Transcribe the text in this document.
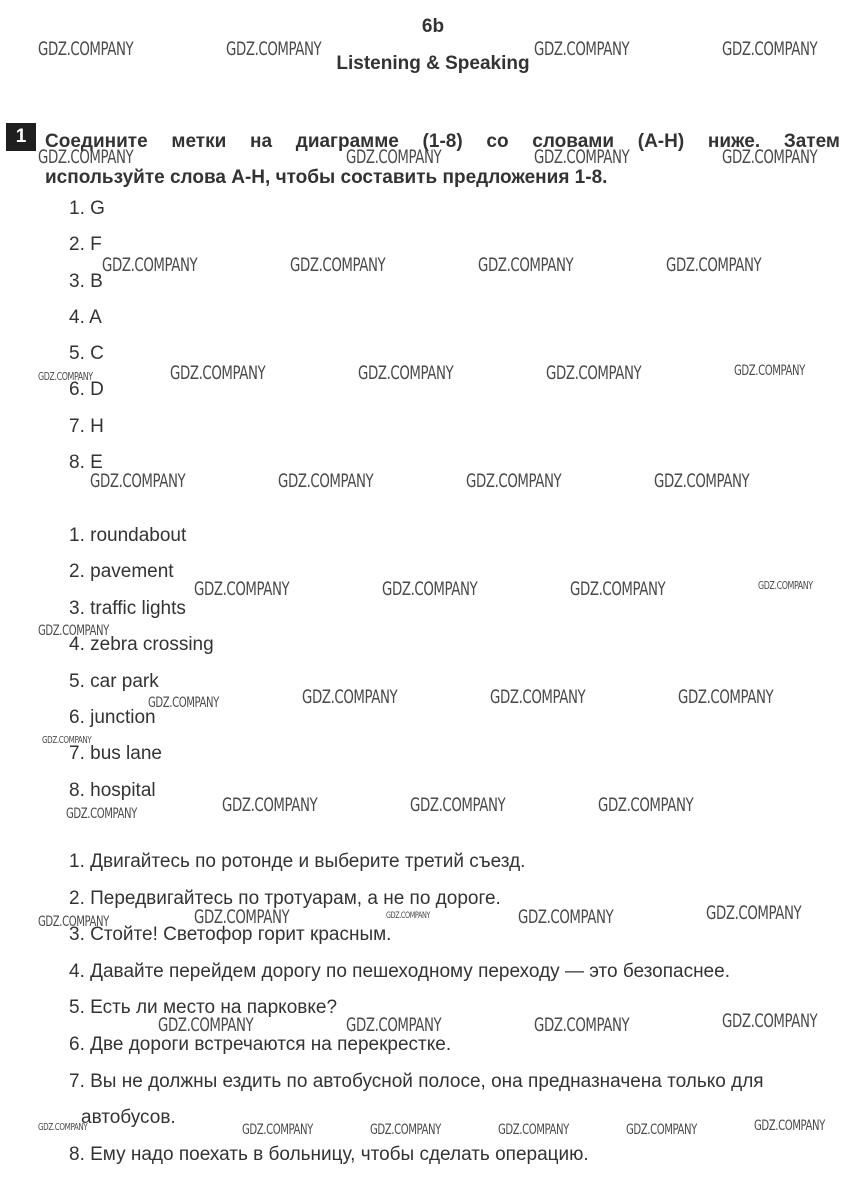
6b
Listening & Speaking
1 Соедините метки на диаграмме (1-8) со словами (A-H) ниже. Затем
используйте слова A-H, чтобы составить предложения 1-8.
1. G
2. F
3. B
4. A
5. C
6. D
7. H
8. E
1. roundabout
2. pavement
3. traffic lights
4. zebra crossing
5. car park
6. junction
7. bus lane
8. hospital
1. Двигайтесь по ротонде и выберите третий съезд.
2. Передвигайтесь по тротуарам, а не по дороге.
3. Стойте! Светофор горит красным.
4. Давайте перейдем дорогу по пешеходному переходу — это безопаснее.
5. Есть ли место на парковке?
6. Две дороги встречаются на перекрестке.
7. Вы не должны ездить по автобусной полосе, она предназначена только для
автобусов.
8. Ему надо поехать в больницу, чтобы сделать операцию.
GDZ.COMPANY	GDZ.COMPANY	GDZ.COMPANY	GDZ.COMPANY
GDZ.COMPANY	GDZ.COMPANY	GDZ.COMPANY	GDZ.COMPANY
GDZ.COMPANY	GDZ.COMPANY	GDZ.COMPANY	GDZ.COMPANY
GDZ.COMPANY	GDZ.COMPANY	GDZ.COMPANY	GDZ.COMPANY	GDZ.COMPANY
GDZ.COMPANY	GDZ.COMPANY	GDZ.COMPANY	GDZ.COMPANY
GDZ.COMPANY	GDZ.COMPANY	GDZ.COMPANY	GDZ.COMPANY
GDZ.COMPANY
GDZ.COMPANY	GDZ.COMPANY	GDZ.COMPANY	GDZ.COMPANY
GDZ.COMPANY
GDZ.COMPANY	GDZ.COMPANY	GDZ.COMPANY	GDZ.COMPANY
GDZ.COMPANY	GDZ.COMPANY	GDZ.COMPANY	GDZ.COMPANY	GDZ.COMPANY
GDZ.COMPANY	GDZ.COMPANY	GDZ.COMPANY	GDZ.COMPANY
GDZ.COMPANY	GDZ.COMPANY	GDZ.COMPANY	GDZ.COMPANY	GDZ.COMPANY	GDZ.COMPANY
